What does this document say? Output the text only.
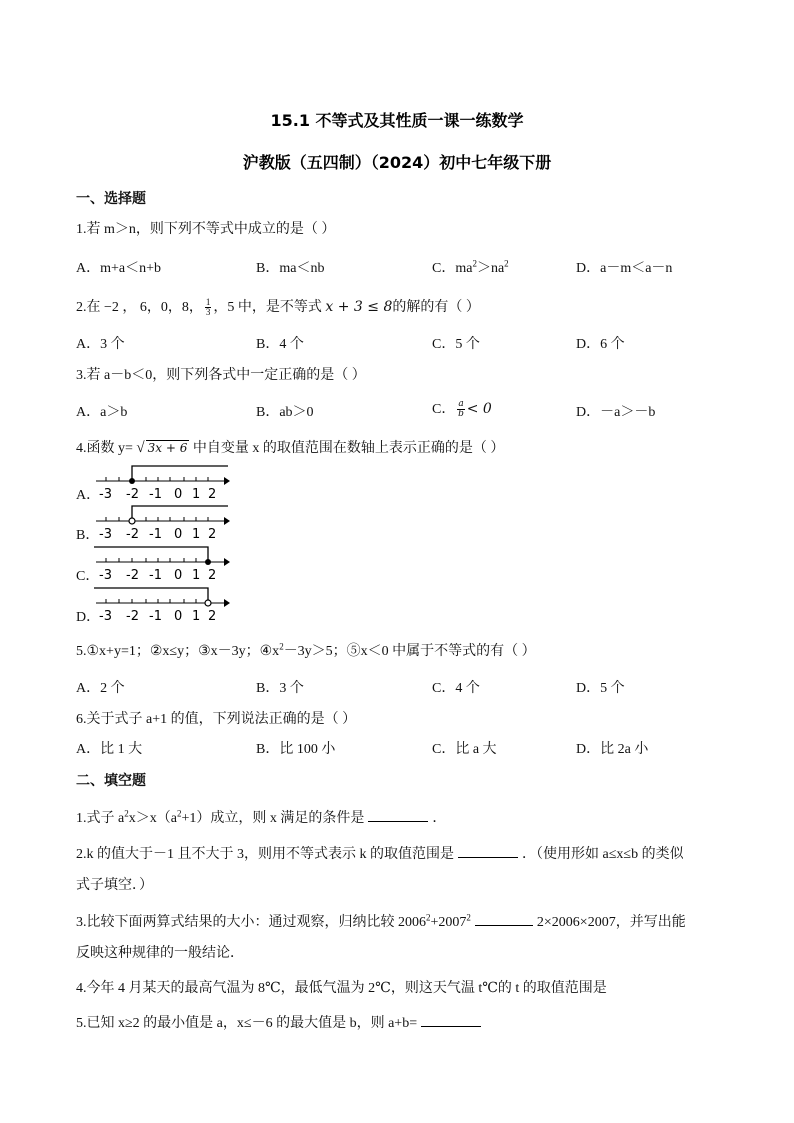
15.1 不等式及其性质一课一练数学
沪教版（五四制）（2024）初中七年级下册
一、选择题
1.若 m＞n，则下列不等式中成立的是（ ）
A．m+a＜n+b	B．ma＜nb	C．$ma^2>na^2$	D．a－m＜a－n
2.在 −2 ， 6，0，8， $\frac{1}{3}$ ，5 中，是不等式 x + 3 ≤ 8的解的有（ ）
A．3 个	B．4 个	C．5 个	D．6 个
3.若 a－b＜0，则下列各式中一定正确的是（ ）
A．a＞b	B．ab＞0	C． $\frac{a}{b} < 0$	D．－a＞－b
4.函数 y= √ 3x + 6 中自变量 x 的取值范围在数轴上表示正确的是（ ）
A．
B．
C．
D．
-3 -2 -1 0 1 2
-3 -2 -1 0 1 2
-3 -2 -1 0 1 2
-3 -2 -1 0 1 2
5.①x+y=1；②x≤y；③x－3y；$④x^2-3y>5$；⑤x＜0 中属于不等式的有（ ）
A．2 个	B．3 个	C．4 个	D．5 个
6.关于式子 a+1 的值，下列说法正确的是（ ）
A．比 1 大	B．比 100 小	C．比 a 大	D．比 2a 小
二、填空题
1.式子 $a^2x>x(a^2+1)$成立，则 x 满足的条件是	．
2.k 的值大于－1 且不大于 3，则用不等式表示 k 的取值范围是	．（使用形如 a≤x≤b 的类似
式子填空．）
3.比较下面两算式结果的大小：通过观察，归纳比较 $2006^2+2007^2$	2×2006×2007，并写出能
反映这种规律的一般结论．
4.今年 4 月某天的最高气温为 8℃，最低气温为 2℃，则这天气温 t℃的 t 的取值范围是
5.已知 x≥2 的最小值是 a，x≤－6 的最大值是 b，则 a+b=
